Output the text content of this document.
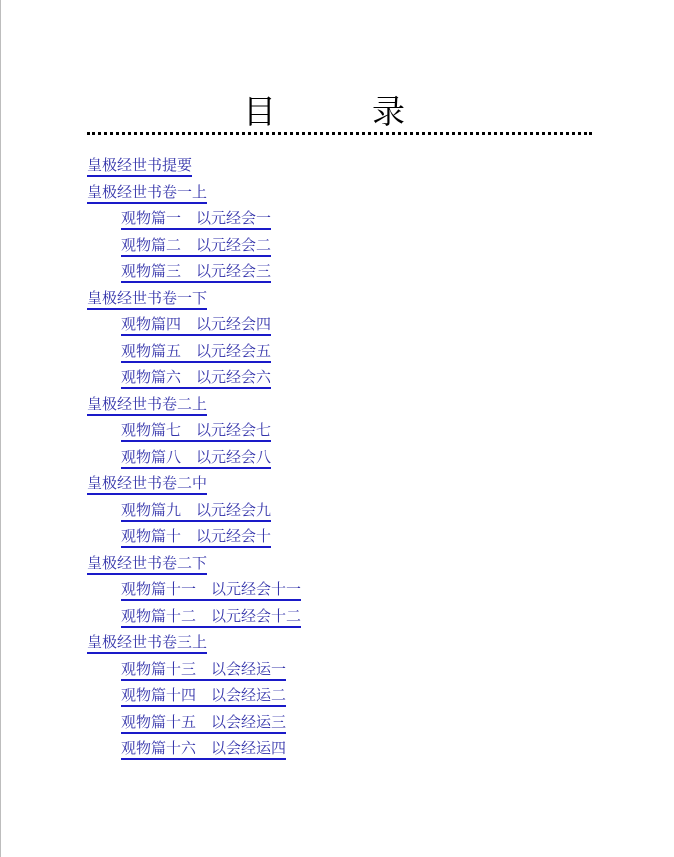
目	录
皇极经世书提要
皇极经世书卷一上
观物篇一　以元经会一
观物篇二　以元经会二
观物篇三　以元经会三
皇极经世书卷一下
观物篇四　以元经会四
观物篇五　以元经会五
观物篇六　以元经会六
皇极经世书卷二上
观物篇七　以元经会七
观物篇八　以元经会八
皇极经世书卷二中
观物篇九　以元经会九
观物篇十　以元经会十
皇极经世书卷二下
观物篇十一　以元经会十一
观物篇十二　以元经会十二
皇极经世书卷三上
观物篇十三　以会经运一
观物篇十四　以会经运二
观物篇十五　以会经运三
观物篇十六　以会经运四
